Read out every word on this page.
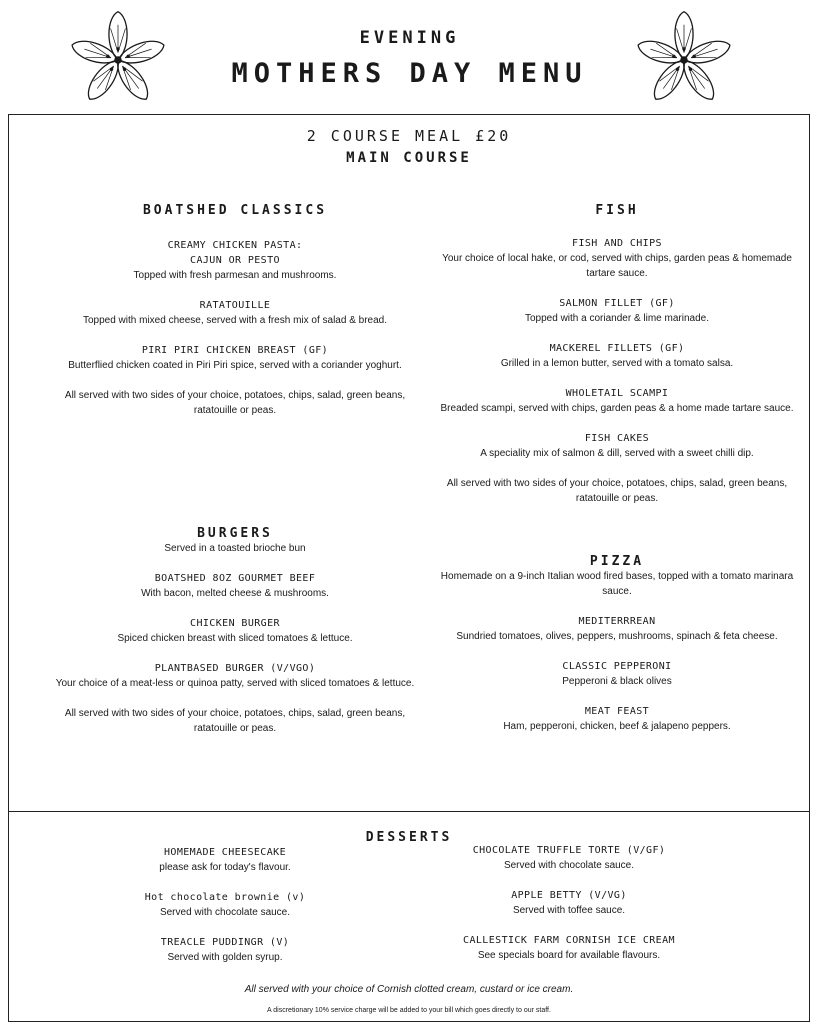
EVENING
MOTHERS DAY MENU
2 COURSE MEAL £20
MAIN COURSE
BOATSHED CLASSICS
CREAMY CHICKEN PASTA:
CAJUN OR PESTO
Topped with fresh parmesan and mushrooms.
RATATOUILLE
Topped with mixed cheese, served with a fresh mix of salad & bread.
PIRI PIRI CHICKEN BREAST (GF)
Butterflied chicken coated in Piri Piri spice, served with a coriander yoghurt.
All served with two sides of your choice, potatoes, chips, salad, green beans,
ratatouille or peas.
FISH
FISH AND CHIPS
Your choice of local hake, or cod, served with chips, garden peas & homemade
tartare sauce.
SALMON FILLET (GF)
Topped with a coriander & lime marinade.
MACKEREL FILLETS (GF)
Grilled in a lemon butter, served with a tomato salsa.
WHOLETAIL SCAMPI
Breaded scampi, served with chips, garden peas & a home made tartare sauce.
FISH CAKES
A speciality mix of salmon & dill, served with a sweet chilli dip.
All served with two sides of your choice, potatoes, chips, salad, green beans,
ratatouille or peas.
BURGERS
Served in a toasted brioche bun
BOATSHED 8OZ GOURMET BEEF
With bacon, melted cheese & mushrooms.
CHICKEN BURGER
Spiced chicken breast with sliced tomatoes & lettuce.
PLANTBASED BURGER (V/VGO)
Your choice of a meat-less or quinoa patty, served with sliced tomatoes & lettuce.
All served with two sides of your choice, potatoes, chips, salad, green beans,
ratatouille or peas.
PIZZA
Homemade on a 9-inch Italian wood fired bases, topped with a tomato marinara
sauce.
MEDITERRREAN
Sundried tomatoes, olives, peppers, mushrooms, spinach & feta cheese.
CLASSIC PEPPERONI
Pepperoni & black olives
MEAT FEAST
Ham, pepperoni, chicken, beef & jalapeno peppers.
DESSERTS
HOMEMADE CHEESECAKE
please ask for today's flavour.
Hot chocolate brownie (v)
Served with chocolate sauce.
TREACLE PUDDINGR (V)
Served with golden syrup.
CHOCOLATE TRUFFLE TORTE (V/GF)
Served with chocolate sauce.
APPLE BETTY (V/VG)
Served with toffee sauce.
CALLESTICK FARM CORNISH ICE CREAM
See specials board for available flavours.
All served with your choice of Cornish clotted cream, custard or ice cream.
A discretionary 10% service charge will be added to your bill which goes directly to our staff.
